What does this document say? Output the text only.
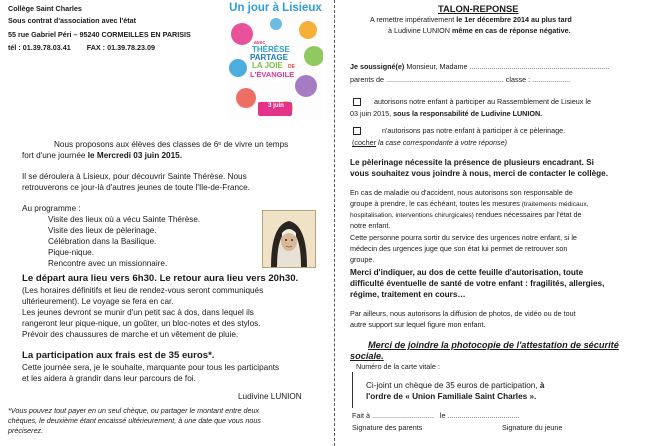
Collège Saint Charles
Sous contrat d'association avec l'état
55 rue Gabriel Péri – 95240 CORMEILLES EN PARISIS
tél : 01.39.78.03.41        FAX : 01.39.78.23.09
Un jour à Lisieux
avec
THÉRÈSE
PARTAGE
LA JOIE DE
L'ÉVANGILE
3 juin
Nous proposons aux élèves des classes de 6ᵉ de vivre un temps
fort d'une journée le Mercredi 03 juin 2015.
Il se déroulera à Lisieux, pour découvrir Sainte Thérèse. Nous
retrouverons ce jour-là d'autres jeunes de toute l'Ile-de-France.
Au programme :
Visite des lieux où a vécu Sainte Thérèse.
Visite des lieux de pèlerinage.
Célébration dans la Basilique.
Pique-nique.
Rencontre avec un missionnaire.
Le départ aura lieu vers 6h30. Le retour aura lieu vers 20h30.
(Les horaires définitifs et lieu de rendez-vous seront communiqués
ultérieurement). Le voyage se fera en car.
Les jeunes devront se munir d'un petit sac à dos, dans lequel ils
rangeront leur pique-nique, un goûter, un bloc-notes et des stylos.
Prévoir des chaussures de marche et un vêtement de pluie.
La participation aux frais est de 35 euros*.
Cette journée sera, je le souhaite, marquante pour tous les participants
et les aidera à grandir dans leur parcours de foi.
Ludivine LUNION
*Vous pouvez tout payer en un seul chèque, ou partager le montant entre deux
chèques, le deuxième étant encaissé ultérieurement, à une date que vous nous
préciserez.
TALON-REPONSE
A remettre impérativement le 1er décembre 2014 au plus tard
à Ludivine LUNION même en cas de réponse négative.
Je soussigné(e) Monsieur, Madame ......................................................................
parents de ........................................................... classe : ...................
autorisons notre enfant à participer au Rassemblement de Lisieux le
03 juin 2015, sous la responsabilité de Ludivine LUNION.
n'autorisons pas notre enfant à participer à ce pèlerinage.
(cocher la case correspondante à votre réponse)
Le pèlerinage nécessite la présence de plusieurs encadrant. Si
vous souhaitez vous joindre à nous, merci de contacter le collège.
En cas de maladie ou d'accident, nous autorisons son responsable de
groupe à prendre, le cas échéant, toutes les mesures (traitements médicaux,
hospitalisation, interventions chirurgicales) rendues nécessaires par l'état de
notre enfant.
Cette personne pourra sortir du service des urgences notre enfant, si le
médecin des urgences juge que son état lui permet de retrouver son
groupe.
Merci d'indiquer, au dos de cette feuille d'autorisation, toute
difficulté éventuelle de santé de votre enfant : fragilités, allergies,
régime, traitement en cours…
Par ailleurs, nous autorisons la diffusion de photos, de vidéo ou de tout
autre support sur lequel figure mon enfant.
Merci de joindre la photocopie de l'attestation de sécurité
sociale.
Numéro de la carte vitale :
Ci-joint un chèque de 35 euros de participation, à
l'ordre de « Union Familiale Saint Charles ».
Fait à ............................... le ....................................
Signature des parents	Signature du jeune
